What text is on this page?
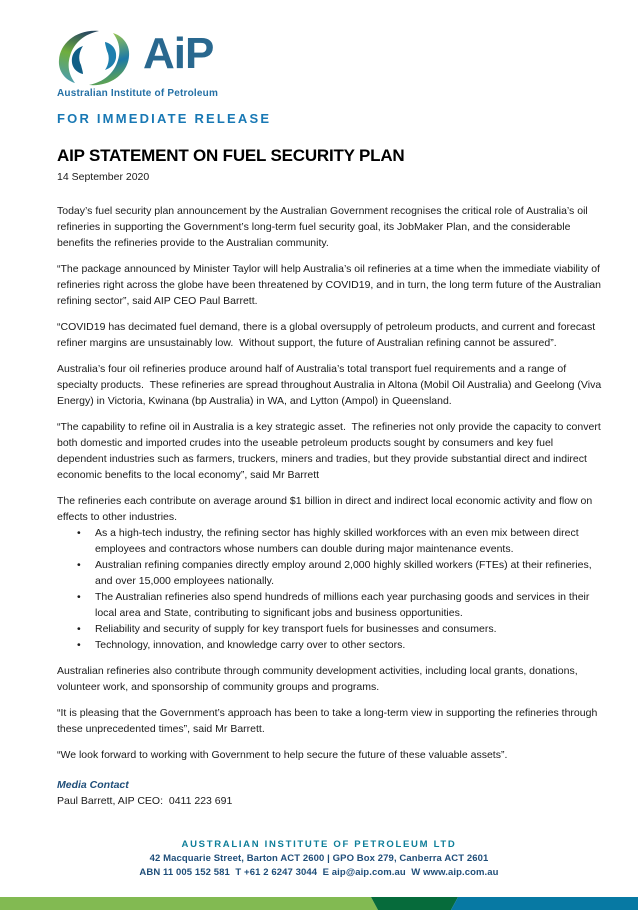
AiP
Australian Institute of Petroleum
FOR IMMEDIATE RELEASE
AIP STATEMENT ON FUEL SECURITY PLAN
14 September 2020

Today’s fuel security plan announcement by the Australian Government recognises the critical role of Australia’s oil refineries in supporting the Government’s long-term fuel security goal, its JobMaker Plan, and the considerable benefits the refineries provide to the Australian community.

“The package announced by Minister Taylor will help Australia’s oil refineries at a time when the immediate viability of refineries right across the globe have been threatened by COVID19, and in turn, the long term future of the Australian refining sector”, said AIP CEO Paul Barrett.

“COVID19 has decimated fuel demand, there is a global oversupply of petroleum products, and current and forecast refiner margins are unsustainably low.  Without support, the future of Australian refining cannot be assured”.

Australia’s four oil refineries produce around half of Australia’s total transport fuel requirements and a range of specialty products.  These refineries are spread throughout Australia in Altona (Mobil Oil Australia) and Geelong (Viva Energy) in Victoria, Kwinana (bp Australia) in WA, and Lytton (Ampol) in Queensland.

“The capability to refine oil in Australia is a key strategic asset.  The refineries not only provide the capacity to convert both domestic and imported crudes into the useable petroleum products sought by consumers and key fuel dependent industries such as farmers, truckers, miners and tradies, but they provide substantial direct and indirect economic benefits to the local economy”, said Mr Barrett

The refineries each contribute on average around $1 billion in direct and indirect local economic activity and flow on effects to other industries.

• As a high-tech industry, the refining sector has highly skilled workforces with an even mix between direct employees and contractors whose numbers can double during major maintenance events.
• Australian refining companies directly employ around 2,000 highly skilled workers (FTEs) at their refineries, and over 15,000 employees nationally.
• The Australian refineries also spend hundreds of millions each year purchasing goods and services in their local area and State, contributing to significant jobs and business opportunities.
• Reliability and security of supply for key transport fuels for businesses and consumers.
• Technology, innovation, and knowledge carry over to other sectors.

Australian refineries also contribute through community development activities, including local grants, donations, volunteer work, and sponsorship of community groups and programs.

“It is pleasing that the Government’s approach has been to take a long-term view in supporting the refineries through these unprecedented times”, said Mr Barrett.

“We look forward to working with Government to help secure the future of these valuable assets”.

Media Contact
Paul Barrett, AIP CEO:  0411 223 691
AUSTRALIAN INSTITUTE OF PETROLEUM LTD
42 Macquarie Street, Barton ACT 2600 | GPO Box 279, Canberra ACT 2601
ABN 11 005 152 581  T +61 2 6247 3044  E aip@aip.com.au  W www.aip.com.au
